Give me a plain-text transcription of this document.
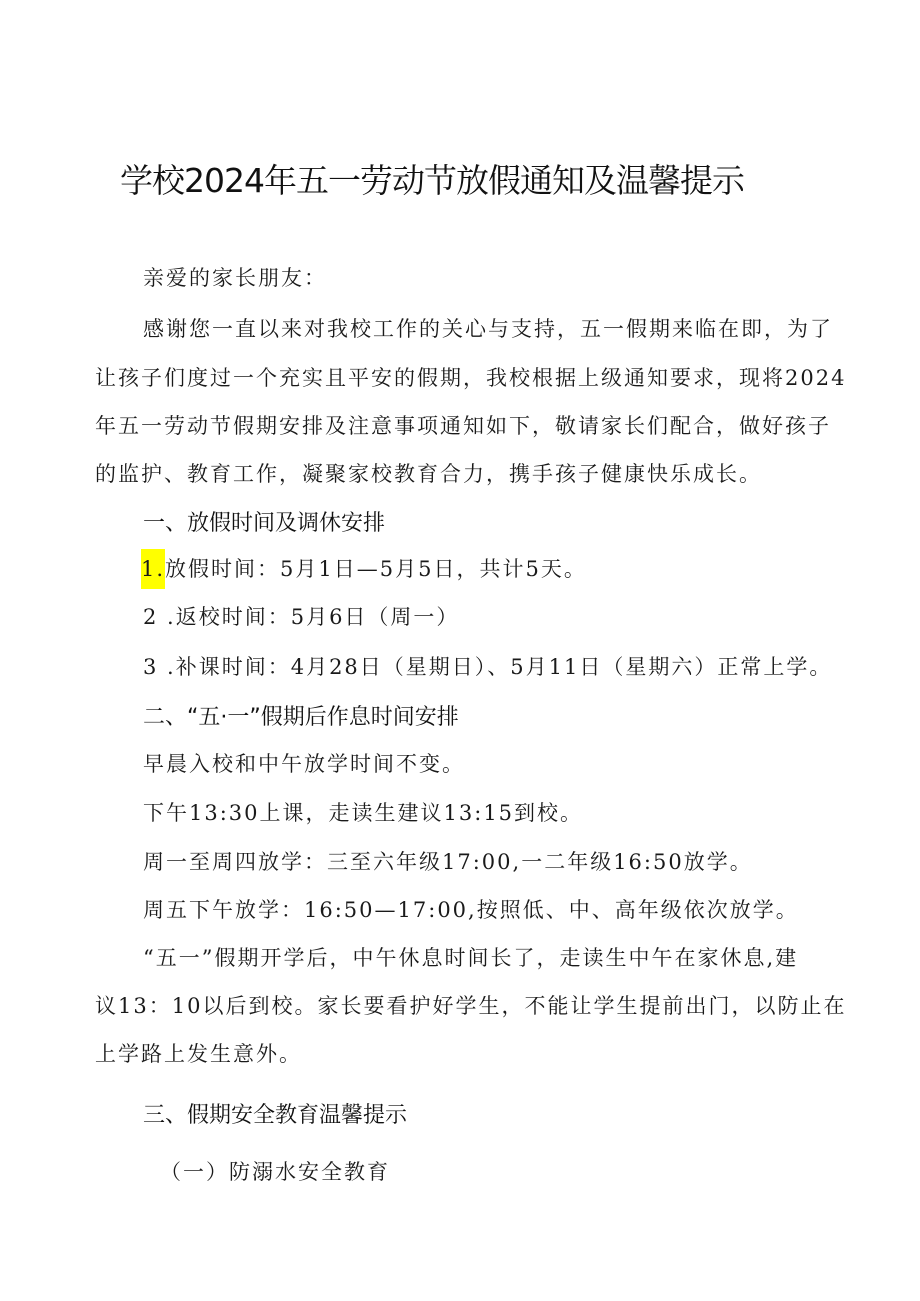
学校2024年五一劳动节放假通知及温馨提示
亲爱的家长朋友：
感谢您一直以来对我校工作的关心与支持，五一假期来临在即，为了
让孩子们度过一个充实且平安的假期，我校根据上级通知要求，现将2024
年五一劳动节假期安排及注意事项通知如下，敬请家长们配合，做好孩子
的监护、教育工作，凝聚家校教育合力，携手孩子健康快乐成长。
一、放假时间及调休安排
1.放假时间：5月1日—5月5日，共计5天。
2 .返校时间：5月6日（周一）
3 .补课时间：4月28日（星期日）、5月11日（星期六）正常上学。
二、“五·一”假期后作息时间安排
早晨入校和中午放学时间不变。
下午13:30上课，走读生建议13:15到校。
周一至周四放学：三至六年级17:00,一二年级16:50放学。
周五下午放学：16:50—17:00,按照低、中、高年级依次放学。
“五一”假期开学后，中午休息时间长了，走读生中午在家休息,建
议13：10以后到校。家长要看护好学生，不能让学生提前出门，以防止在
上学路上发生意外。
三、假期安全教育温馨提示
（一）防溺水安全教育
